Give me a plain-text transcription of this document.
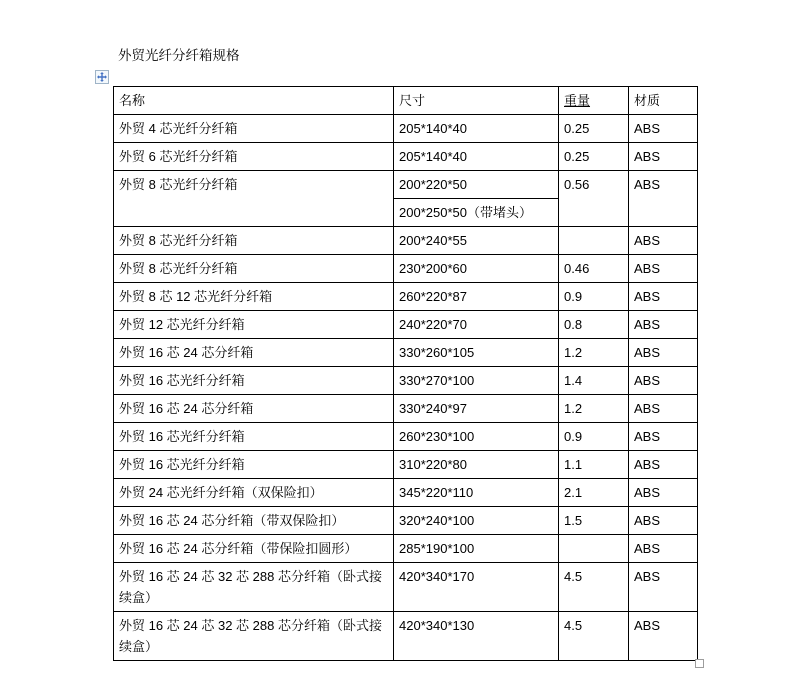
外贸光纤分纤箱规格
名称	尺寸	重量	材质
外贸 4 芯光纤分纤箱	205*140*40	0.25	ABS
外贸 6 芯光纤分纤箱	205*140*40	0.25	ABS
外贸 8 芯光纤分纤箱	200*220*50	0.56	ABS
	200*250*50（带堵头）		
外贸 8 芯光纤分纤箱	200*240*55		ABS
外贸 8 芯光纤分纤箱	230*200*60	0.46	ABS
外贸 8 芯 12 芯光纤分纤箱	260*220*87	0.9	ABS
外贸 12 芯光纤分纤箱	240*220*70	0.8	ABS
外贸 16 芯 24 芯分纤箱	330*260*105	1.2	ABS
外贸 16 芯光纤分纤箱	330*270*100	1.4	ABS
外贸 16 芯 24 芯分纤箱	330*240*97	1.2	ABS
外贸 16 芯光纤分纤箱	260*230*100	0.9	ABS
外贸 16 芯光纤分纤箱	310*220*80	1.1	ABS
外贸 24 芯光纤分纤箱（双保险扣）	345*220*110	2.1	ABS
外贸 16 芯 24 芯分纤箱（带双保险扣）	320*240*100	1.5	ABS
外贸 16 芯 24 芯分纤箱（带保险扣圆形）	285*190*100		ABS
外贸 16 芯 24 芯 32 芯 288 芯分纤箱（卧式接续盒）	420*340*170	4.5	ABS
外贸 16 芯 24 芯 32 芯 288 芯分纤箱（卧式接续盒）	420*340*130	4.5	ABS
